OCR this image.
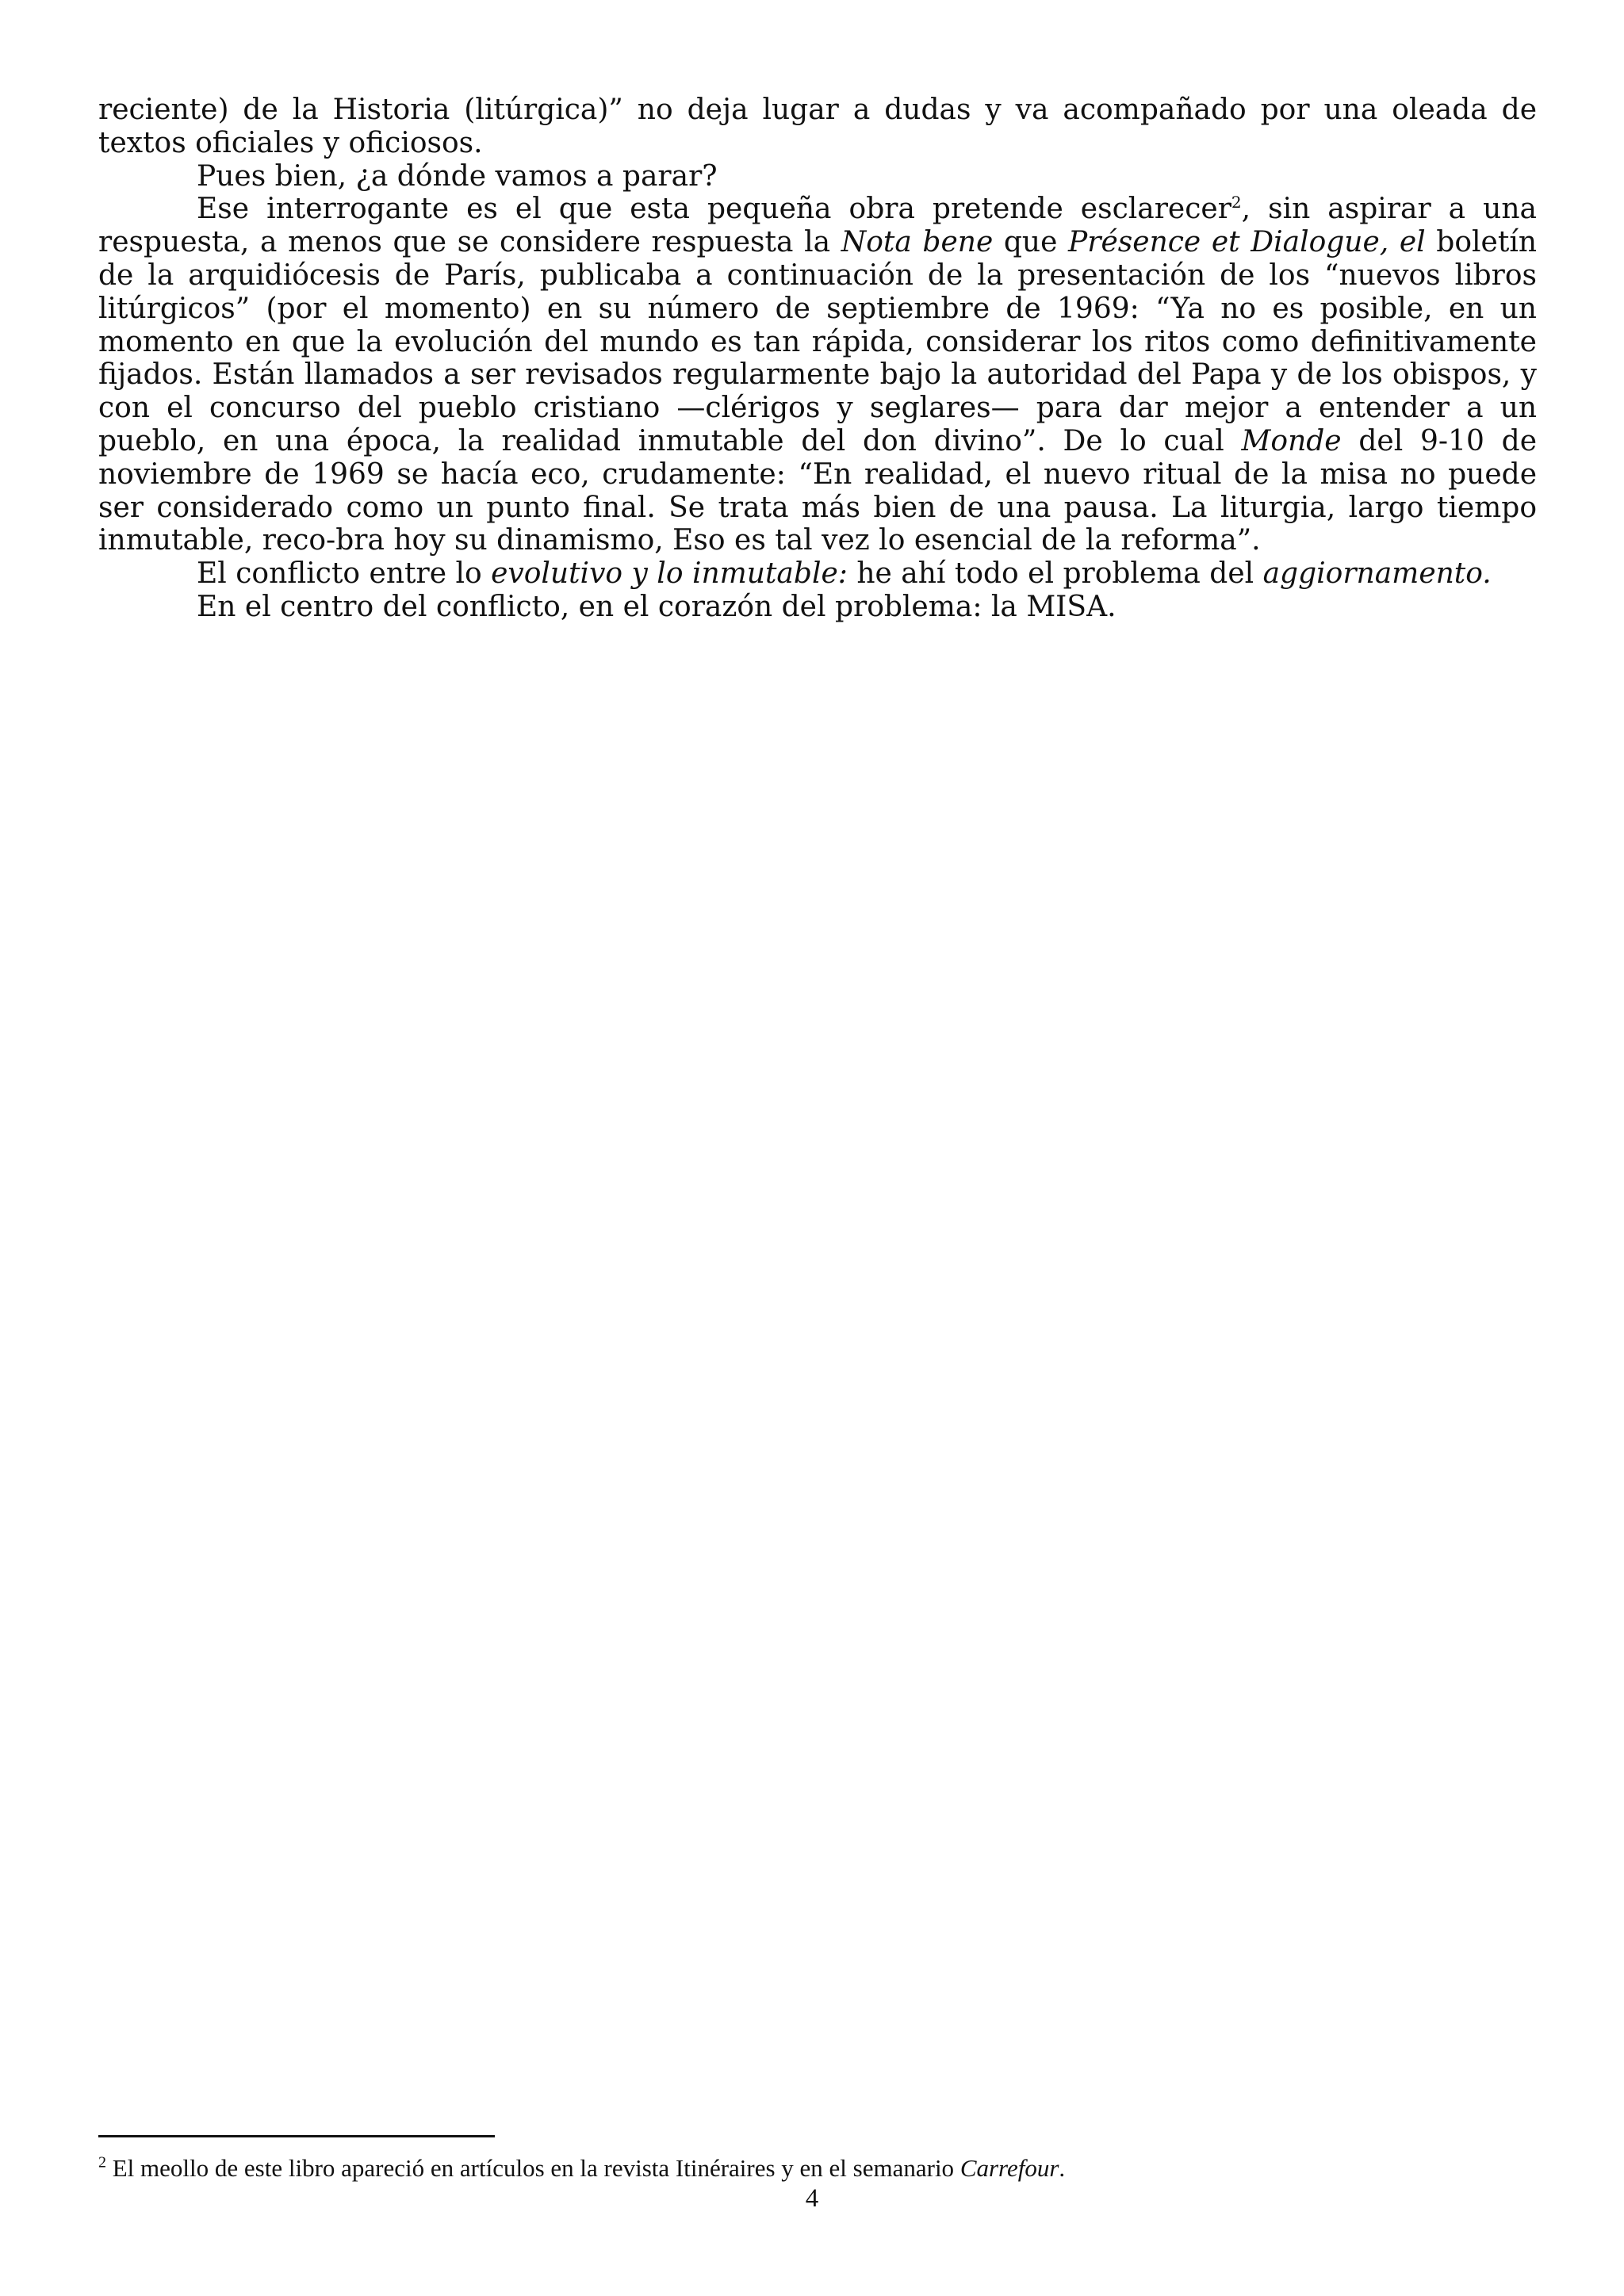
reciente) de la Historia (litúrgica)” no deja lugar a dudas y va acompañado por una oleada de textos oficiales y oficiosos.

Pues bien, ¿a dónde vamos a parar?

Ese interrogante es el que esta pequeña obra pretende esclarecer$^2$, sin aspirar a una respuesta, a menos que se considere respuesta la Nota bene que Présence et Dialogue, el boletín de la arquidiócesis de París, publicaba a continuación de la presentación de los “nuevos libros litúrgicos” (por el momento) en su número de septiembre de 1969: “Ya no es posible, en un momento en que la evolución del mundo es tan rápida, considerar los ritos como definitivamente fijados. Están llamados a ser revisados regularmente bajo la autoridad del Papa y de los obispos, y con el concurso del pueblo cristiano —clérigos y seglares— para dar mejor a entender a un pueblo, en una época, la realidad inmutable del don divino”. De lo cual Monde del 9-10 de noviembre de 1969 se hacía eco, crudamente: “En realidad, el nuevo ritual de la misa no puede ser considerado como un punto final. Se trata más bien de una pausa. La liturgia, largo tiempo inmutable, reco-bra hoy su dinamismo, Eso es tal vez lo esencial de la reforma”.

El conflicto entre lo evolutivo y lo inmutable: he ahí todo el problema del aggiornamento.

En el centro del conflicto, en el corazón del problema: la MISA.

$^2$ El meollo de este libro apareció en artículos en la revista Itinéraires y en el semanario Carrefour.
4
